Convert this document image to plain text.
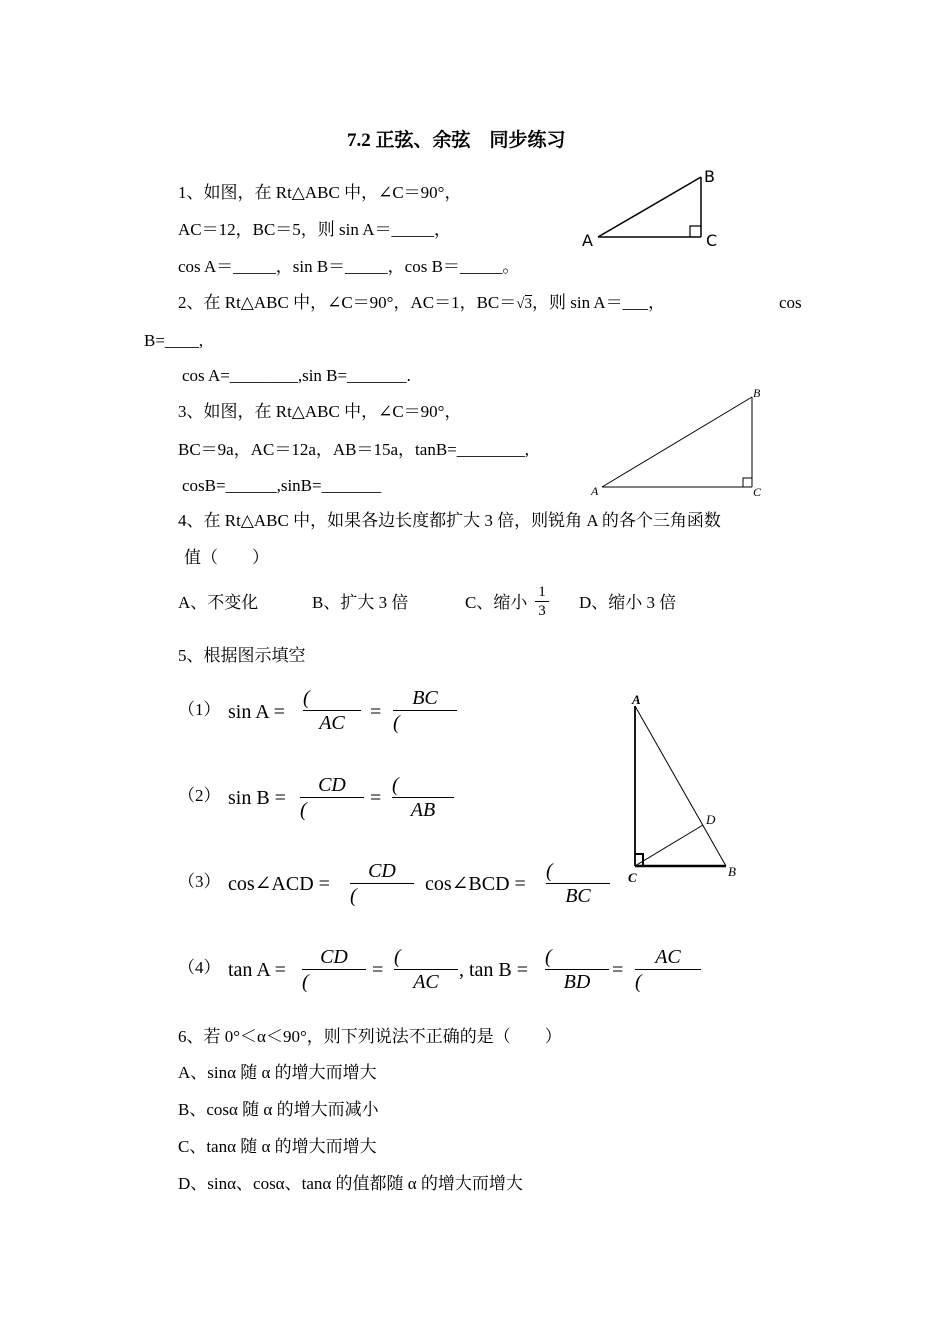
7.2 正弦、余弦　同步练习
1、如图，在 Rt△ABC 中，∠C＝90°，
AC＝12，BC＝5，则 sin A＝_____，
cos A＝_____，sin B＝_____，cos B＝_____。
A
B
C
2、在 Rt△ABC 中，∠C＝90°，AC＝1，BC＝√3，则 sin A＝___，	cos
B=____,
cos A=________,sin B=_______.
3、如图，在 Rt△ABC 中，∠C＝90°，
BC＝9a，AC＝12a，AB＝15a，tanB=________,
cosB=______,sinB=_______	A
B
C
4、在 Rt△ABC 中，如果各边长度都扩大 3 倍，则锐角 A 的各个三角函数
值（　　）
A、不变化	B、扩大 3 倍	C、缩小 $\frac{1}{3}$ D、缩小 3 倍
5、根据图示填空
（1） sin A =
(
AC	=
BC
(
（2） sin B =
CD
(
=
(
AB
（3） cos∠ACD =
CD
(
cos∠BCD =
(
BC
（4） tan A =
CD
(
=
(
AC
, tan B =
(
BD
=
AC
(
A
D
C	B
6、若 0°＜α＜90°，则下列说法不正确的是（　　）
A、sinα 随 α 的增大而增大
B、cosα 随 α 的增大而减小
C、tanα 随 α 的增大而增大
D、sinα、cosα、tanα 的值都随 α 的增大而增大
